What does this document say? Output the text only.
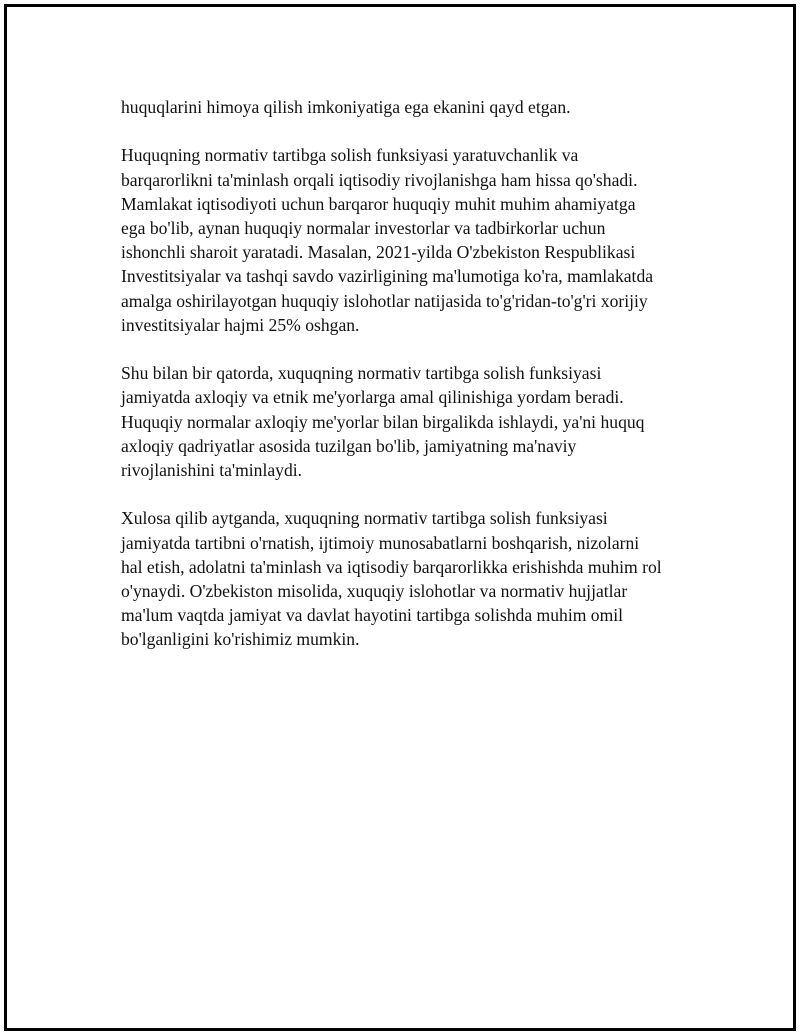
huquqlarini himoya qilish imkoniyatiga ega ekanini qayd etgan.

Huquqning normativ tartibga solish funksiyasi yaratuvchanlik va
barqarorlikni ta'minlash orqali iqtisodiy rivojlanishga ham hissa qo'shadi.
Mamlakat iqtisodiyoti uchun barqaror huquqiy muhit muhim ahamiyatga
ega bo'lib, aynan huquqiy normalar investorlar va tadbirkorlar uchun
ishonchli sharoit yaratadi. Masalan, 2021-yilda O'zbekiston Respublikasi
Investitsiyalar va tashqi savdo vazirligining ma'lumotiga ko'ra, mamlakatda
amalga oshirilayotgan huquqiy islohotlar natijasida to'g'ridan-to'g'ri xorijiy
investitsiyalar hajmi 25% oshgan.

Shu bilan bir qatorda, xuquqning normativ tartibga solish funksiyasi
jamiyatda axloqiy va etnik me'yorlarga amal qilinishiga yordam beradi.
Huquqiy normalar axloqiy me'yorlar bilan birgalikda ishlaydi, ya'ni huquq
axloqiy qadriyatlar asosida tuzilgan bo'lib, jamiyatning ma'naviy
rivojlanishini ta'minlaydi.

Xulosa qilib aytganda, xuquqning normativ tartibga solish funksiyasi
jamiyatda tartibni o'rnatish, ijtimoiy munosabatlarni boshqarish, nizolarni
hal etish, adolatni ta'minlash va iqtisodiy barqarorlikka erishishda muhim rol
o'ynaydi. O'zbekiston misolida, xuquqiy islohotlar va normativ hujjatlar
ma'lum vaqtda jamiyat va davlat hayotini tartibga solishda muhim omil
bo'lganligini ko'rishimiz mumkin.
